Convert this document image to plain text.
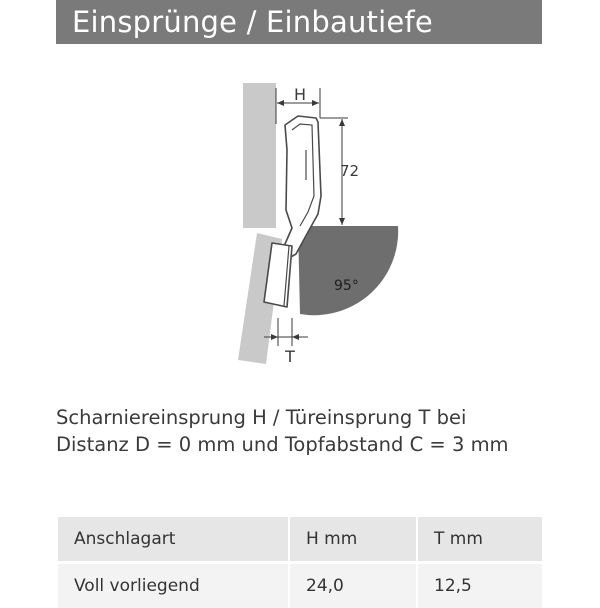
Einsprünge / Einbautiefe
H
72
95°
T
Scharniereinsprung H / Türeinsprung T bei
Distanz D = 0 mm und Topfabstand C = 3 mm
Anschlagart	H mm	T mm
Voll vorliegend	24,0	12,5
